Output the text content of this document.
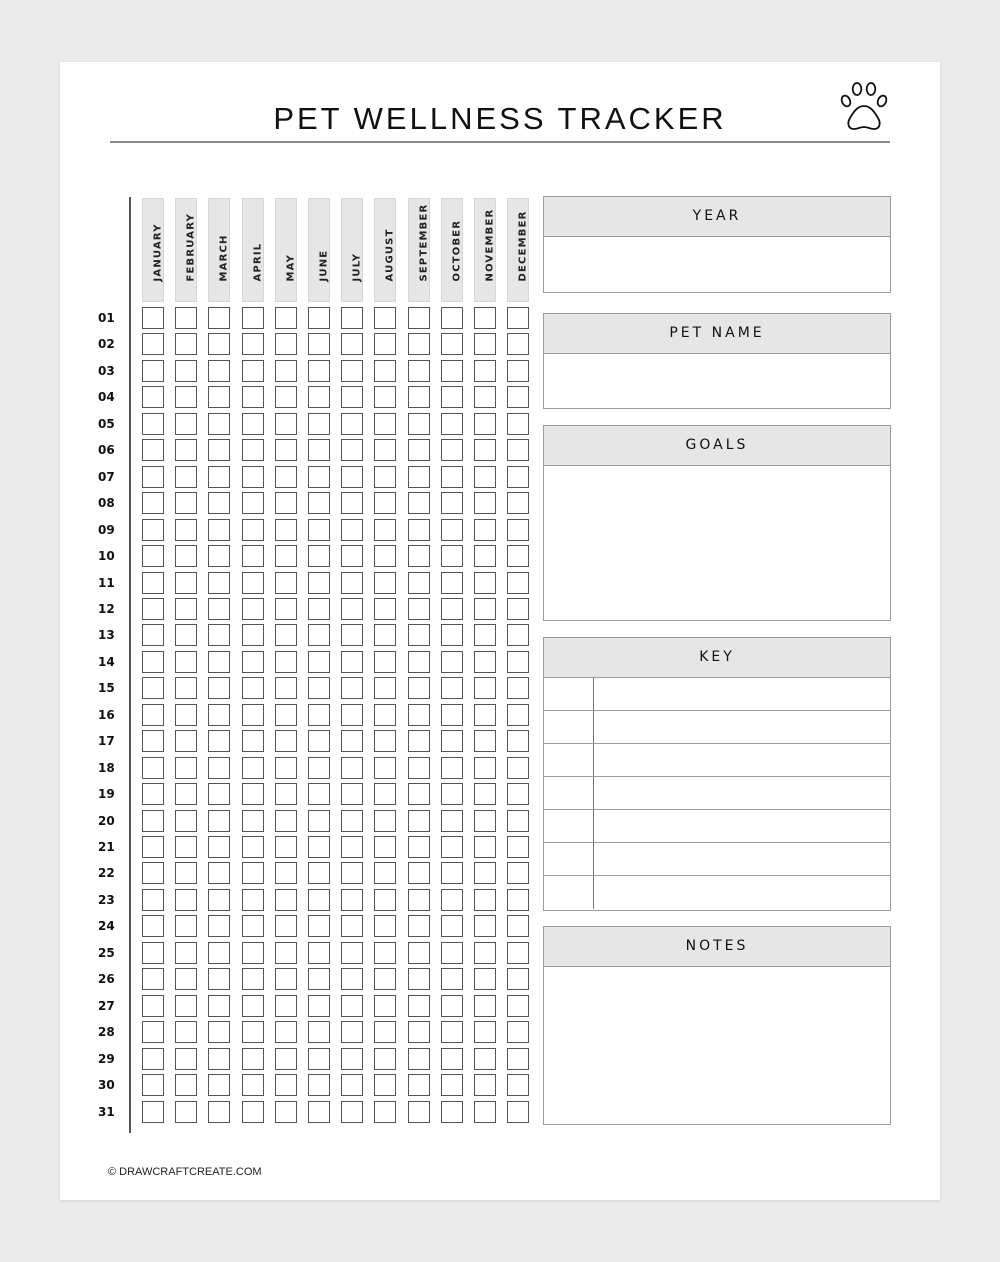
PET WELLNESS TRACKER
JANUARY FEBRUARY MARCH APRIL MAY JUNE JULY AUGUST SEPTEMBER OCTOBER NOVEMBER DECEMBER
01
02
03
04
05
06
07
08
09
10
11
12
13
14
15
16
17
18
19
20
21
22
23
24
25
26
27
28
29
30
31
YEAR
PET NAME
GOALS
KEY
NOTES
© DRAWCRAFTCREATE.COM
